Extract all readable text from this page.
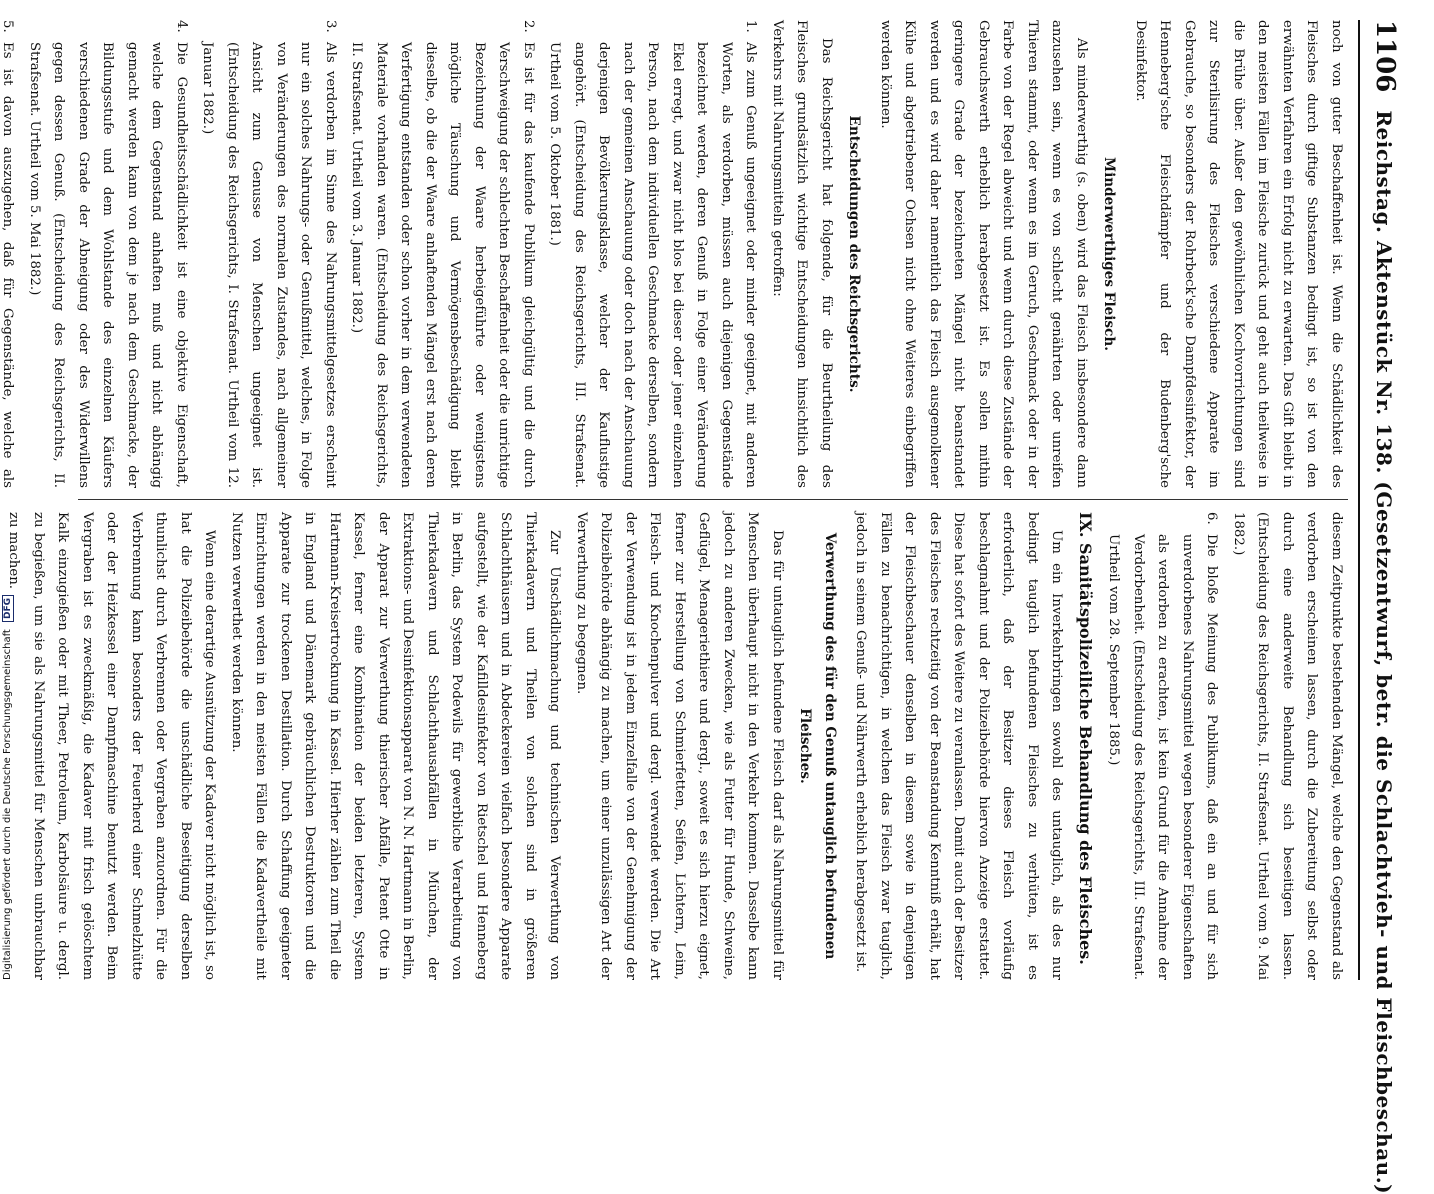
1106
Reichstag. Aktenstück Nr. 138. (Gesetzentwurf, betr. die Schlachtvieh- und Fleischbeschau.)

noch von guter Beschaffenheit ist. Wenn die Schädlichkeit des Fleisches durch giftige Substanzen bedingt ist, so ist von den erwähnten Verfahren ein Erfolg nicht zu erwarten. Das Gift bleibt in den meisten Fällen im Fleische zurück und geht auch theilweise in die Brühe über. Außer den gewöhnlichen Kochvorrichtungen sind zur Sterilisirung des Fleisches verschiedene Apparate im Gebrauche, so besonders der Rohrbeck'sche Dampfdesinfektor, der Henneberg'sche Fleischdämpfer und der Budenberg'sche Desinfektor.

Minderwerthiges Fleisch.

Als minderwerthig (s. oben) wird das Fleisch insbesondere dann anzusehen sein, wenn es von schlecht genährten oder unreifen Thieren stammt, oder wenn es im Geruch, Geschmack oder in der Farbe von der Regel abweicht und wenn durch diese Zustände der Gebrauchswerth erheblich herabgesetzt ist. Es sollen mithin geringere Grade der bezeichneten Mängel nicht beanstandet werden und es wird daher namentlich das Fleisch ausgemolkener Kühe und abgetriebener Ochsen nicht ohne Weiteres einbegriffen werden können.

Entscheidungen des Reichsgerichts.

Das Reichsgericht hat folgende, für die Beurtheilung des Fleisches grundsätzlich wichtige Entscheidungen hinsichtlich des Verkehrs mit Nahrungsmitteln getroffen:

1.Als zum Genuß ungeeignet oder minder geeignet, mit anderen Worten, als verdorben, müssen auch diejenigen Gegenstände bezeichnet werden, deren Genuß in Folge einer Veränderung Ekel erregt, und zwar nicht blos bei dieser oder jener einzelnen Person, nach dem individuellen Geschmacke derselben, sondern nach der gemeinen Anschauung oder doch nach der Anschauung derjenigen Bevölkerungsklasse, welcher der Kauflustige angehört. (Entscheidung des Reichsgerichts, III. Strafsenat. Urtheil vom 5. Oktober 1881.)
2.Es ist für das kaufende Publikum gleichgültig und die durch Verschweigung der schlechten Beschaffenheit oder die unrichtige Bezeichnung der Waare herbeigeführte oder wenigstens mögliche Täuschung und Vermögensbeschädigung bleibt dieselbe, ob die der Waare anhaftenden Mängel erst nach deren Verfertigung entstanden oder schon vorher in dem verwendeten Materiale vorhanden waren. (Entscheidung des Reichsgerichts, II. Strafsenat. Urtheil vom 3. Januar 1882.)
3.Als verdorben im Sinne des Nahrungsmittelgesetzes erscheint nur ein solches Nahrungs- oder Genußmittel, welches, in Folge von Veränderungen des normalen Zustandes, nach allgemeiner Ansicht zum Genusse von Menschen ungeeignet ist. (Entscheidung des Reichsgerichts, I. Strafsenat. Urtheil vom 12. Januar 1882.)
4.Die Gesundheitsschädlichkeit ist eine objektive Eigenschaft, welche dem Gegenstand anhaften muß und nicht abhängig gemacht werden kann von dem je nach dem Geschmacke, der Bildungsstufe und dem Wohlstande des einzelnen Käufers verschiedenen Grade der Abneigung oder des Widerwillens gegen dessen Genuß. (Entscheidung des Reichsgerichts, II. Strafsenat. Urtheil vom 5. Mai 1882.)
5.Es ist davon auszugehen, daß für Gegenstände, welche als

diesem Zeitpunkte bestehenden Mängel, welche den Gegenstand als verdorben erscheinen lassen, durch die Zubereitung selbst oder durch eine anderweite Behandlung sich beseitigen lassen. (Entscheidung des Reichsgerichts, II. Strafsenat. Urtheil vom 9. Mai 1882.)

6.Die bloße Meinung des Publikums, daß ein an und für sich unverdorbenes Nahrungsmittel wegen besonderer Eigenschaften als verdorben zu erachten, ist kein Grund für die Annahme der Verdorbenheit. (Entscheidung des Reichsgerichts, III. Strafsenat. Urtheil vom 28. September 1885.)
IX. Sanitätspolizeiliche Behandlung des Fleisches.

Um ein Inverkehrbringen sowohl des untauglich, als des nur bedingt tauglich befundenen Fleisches zu verhüten, ist es erforderlich, daß der Besitzer dieses Fleisch vorläufig beschlagnahmt und der Polizeibehörde hiervon Anzeige erstattet. Diese hat sofort des Weitere zu veranlassen. Damit auch der Besitzer des Fleisches rechtzeitig von der Beanstandung Kenntniß erhält, hat der Fleischbeschauer denselben in diesem sowie in denjenigen Fällen zu benachrichtigen, in welchen das Fleisch zwar tauglich, jedoch in seinem Genuß- und Nährwerth erheblich herabgesetzt ist.

Verwerthung des für den Genuß untauglich befundenen Fleisches.

Das für untauglich befundene Fleisch darf als Nahrungsmittel für Menschen überhaupt nicht in den Verkehr kommen. Dasselbe kann jedoch zu anderen Zwecken, wie als Futter für Hunde, Schweine, Geflügel, Menageriethiere und dergl., soweit es sich hierzu eignet, ferner zur Herstellung von Schmierfetten, Seifen, Lichtern, Leim, Fleisch- und Knochenpulver und dergl. verwendet werden. Die Art der Verwendung ist in jedem Einzelfalle von der Genehmigung der Polizeibehörde abhängig zu machen, um einer unzulässigen Art der Verwerthung zu begegnen.

Zur Unschädlichmachung und technischen Verwerthung von Thierkadavern und Theilen von solchen sind in größeren Schlachthäusern und in Abdeckereien vielfach besondere Apparate aufgestellt, wie der Kafilldesinfektor von Rietschel und Henneberg in Berlin, das System Podewils für gewerbliche Verarbeitung von Thierkadavern und Schlachthausabfällen in München, der Extraktions- und Desinfektionsapparat von N. N. Hartmann in Berlin, der Apparat zur Verwerthung thierischer Abfälle, Patent Otte in Kassel, ferner eine Kombination der beiden letzteren, System Hartmann-Kreisertrocknung in Kassel. Hierher zählen zum Theil die in England und Dänemark gebräuchlichen Destruktoren und die Apparate zur trockenen Destillation. Durch Schaffung geeigneter Einrichtungen werden in den meisten Fällen die Kadavertheile mit Nutzen verwerthet werden können.

Wenn eine derartige Ausnützung der Kadaver nicht möglich ist, so hat die Polizeibehörde die unschädliche Beseitigung derselben thunlichst durch Verbrennen oder Vergraben anzuordnen. Für die Verbrennung kann besonders der Feuerherd einer Schmelzhütte oder der Heizkessel einer Dampfmaschine benutzt werden. Beim Vergraben ist es zweckmäßig, die Kadaver mit frisch gelöschtem Kalk einzugießen oder mit Theer, Petroleum, Karbolsäure u. dergl. zu begießen, um sie als Nahrungsmittel für Menschen unbrauchbar zu machen.

Digitalisierung gefördert durch die Deutsche Forschungsgemeinschaft DFG
